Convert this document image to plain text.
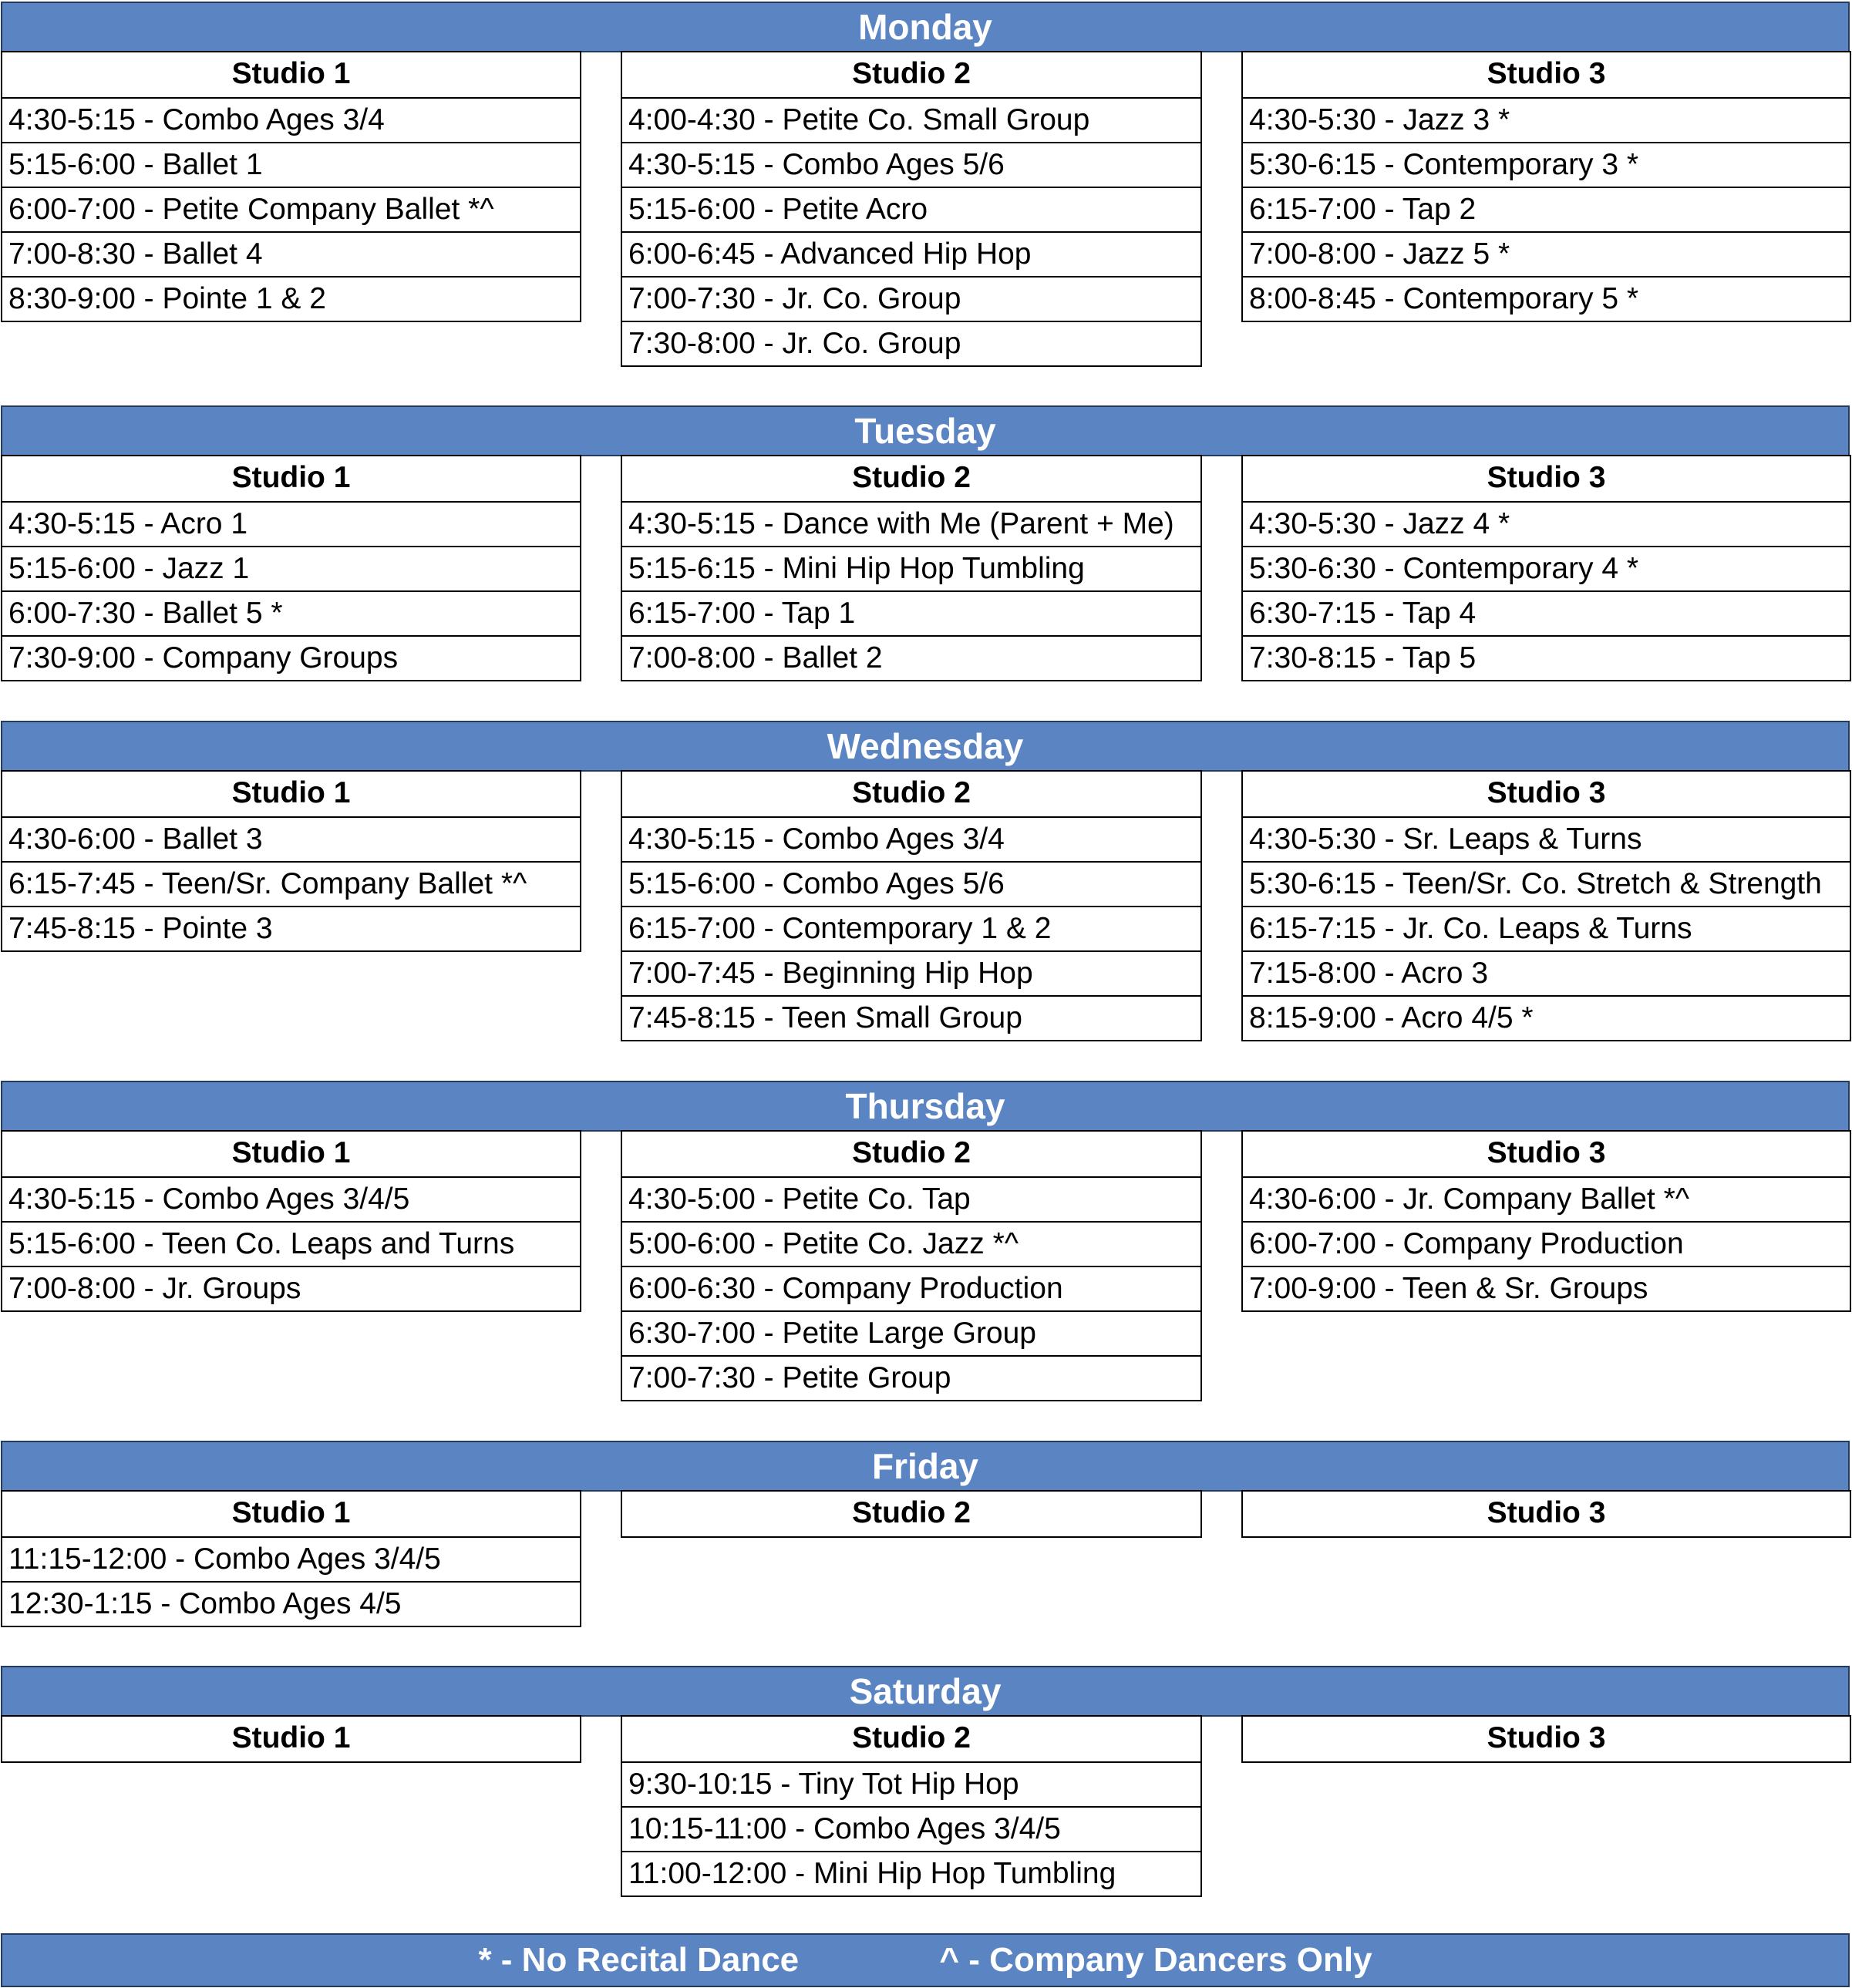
Monday
Studio 1
4:30-5:15 - Combo Ages 3/4
5:15-6:00 - Ballet 1
6:00-7:00 - Petite Company Ballet *^
7:00-8:30 - Ballet 4
8:30-9:00 - Pointe 1 & 2
Studio 2
4:00-4:30 - Petite Co. Small Group
4:30-5:15 - Combo Ages 5/6
5:15-6:00 - Petite Acro
6:00-6:45 - Advanced Hip Hop
7:00-7:30 - Jr. Co. Group
7:30-8:00 - Jr. Co. Group
Studio 3
4:30-5:30 - Jazz 3 *
5:30-6:15 - Contemporary 3 *
6:15-7:00 - Tap 2
7:00-8:00 - Jazz 5 *
8:00-8:45 - Contemporary 5 *
Tuesday
Studio 1
4:30-5:15 - Acro 1
5:15-6:00 - Jazz 1
6:00-7:30 - Ballet 5 *
7:30-9:00 - Company Groups
Studio 2
4:30-5:15 - Dance with Me (Parent + Me)
5:15-6:15 - Mini Hip Hop Tumbling
6:15-7:00 - Tap 1
7:00-8:00 - Ballet 2
Studio 3
4:30-5:30 - Jazz 4 *
5:30-6:30 - Contemporary 4 *
6:30-7:15 - Tap 4
7:30-8:15 - Tap 5
Wednesday
Studio 1
4:30-6:00 - Ballet 3
6:15-7:45 - Teen/Sr. Company Ballet *^
7:45-8:15 - Pointe 3
Studio 2
4:30-5:15 - Combo Ages 3/4
5:15-6:00 - Combo Ages 5/6
6:15-7:00 - Contemporary 1 & 2
7:00-7:45 - Beginning Hip Hop
7:45-8:15 - Teen Small Group
Studio 3
4:30-5:30 - Sr. Leaps & Turns
5:30-6:15 - Teen/Sr. Co. Stretch & Strength
6:15-7:15 - Jr. Co. Leaps & Turns
7:15-8:00 - Acro 3
8:15-9:00 - Acro 4/5 *
Thursday
Studio 1
4:30-5:15 - Combo Ages 3/4/5
5:15-6:00 - Teen Co. Leaps and Turns
7:00-8:00 - Jr. Groups
Studio 2
4:30-5:00 - Petite Co. Tap
5:00-6:00 - Petite Co. Jazz *^
6:00-6:30 - Company Production
6:30-7:00 - Petite Large Group
7:00-7:30 - Petite Group
Studio 3
4:30-6:00 - Jr. Company Ballet *^
6:00-7:00 - Company Production
7:00-9:00 - Teen & Sr. Groups
Friday
Studio 1
11:15-12:00 - Combo Ages 3/4/5
12:30-1:15 - Combo Ages 4/5
Studio 2	Studio 3
Saturday
Studio 1	Studio 2
9:30-10:15 - Tiny Tot Hip Hop
10:15-11:00 - Combo Ages 3/4/5
11:00-12:00 - Mini Hip Hop Tumbling
Studio 3
* - No Recital Dance	^ - Company Dancers Only
